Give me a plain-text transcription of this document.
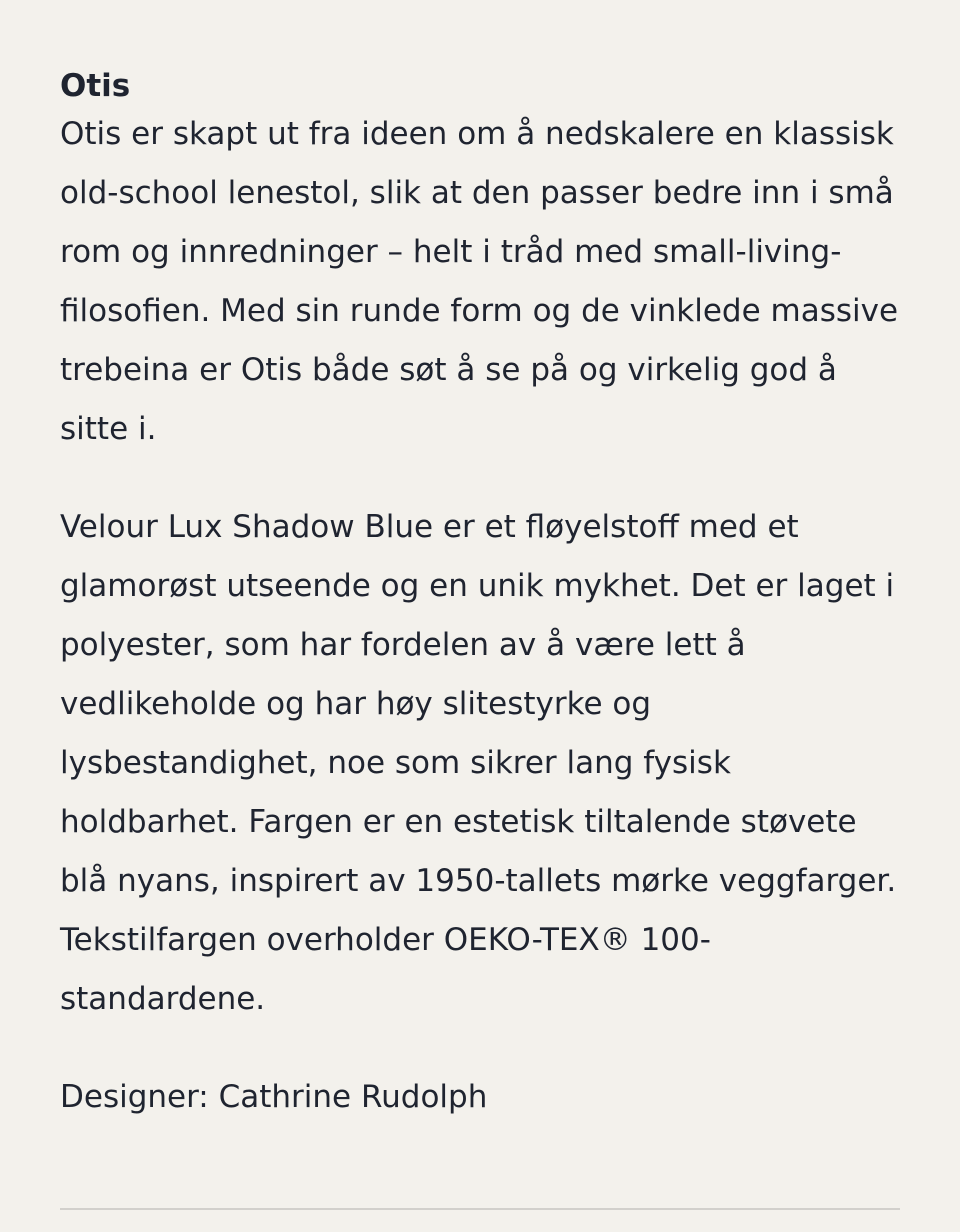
Otis

Otis er skapt ut fra ideen om å nedskalere en klassisk old-school lenestol, slik at den passer bedre inn i små rom og innredninger – helt i tråd med small-living-filosofien. Med sin runde form og de vinklede massive trebeina er Otis både søt å se på og virkelig god å sitte i.

Velour Lux Shadow Blue er et fløyelstoff med et glamorøst utseende og en unik mykhet. Det er laget i polyester, som har fordelen av å være lett å vedlikeholde og har høy slitestyrke og lysbestandighet, noe som sikrer lang fysisk holdbarhet. Fargen er en estetisk tiltalende støvete blå nyans, inspirert av 1950-tallets mørke veggfarger. Tekstilfargen overholder OEKO-TEX® 100-standardene.

Designer: Cathrine Rudolph
